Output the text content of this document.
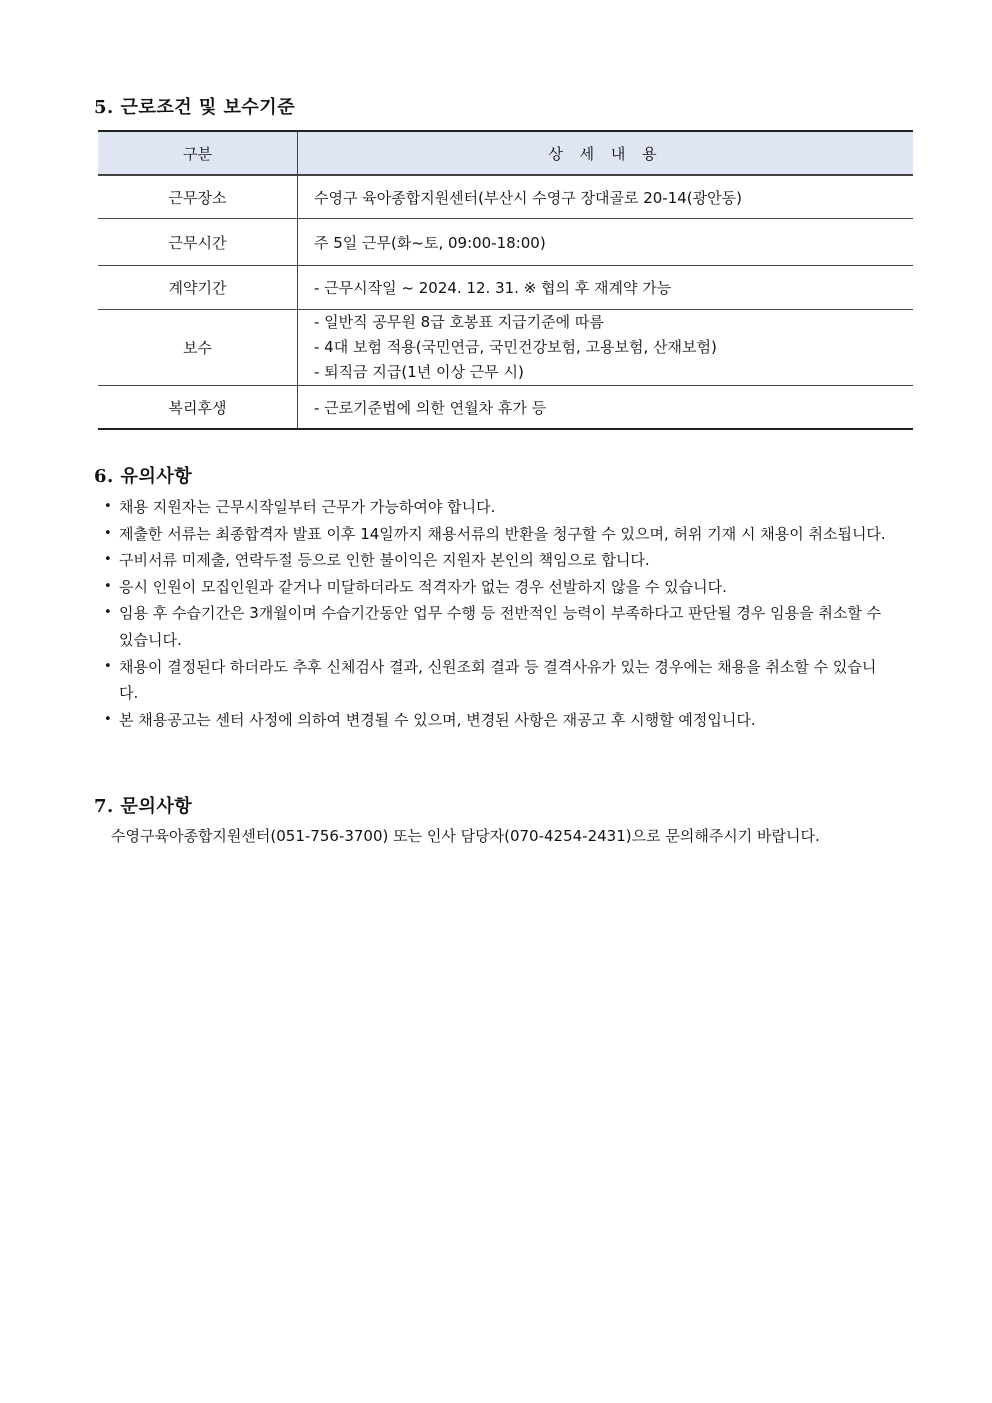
5. 근로조건 및 보수기준
구분	상 세 내 용
근무장소	수영구 육아종합지원센터(부산시 수영구 장대골로 20-14(광안동)
근무시간	주 5일 근무(화~토, 09:00-18:00)
계약기간	- 근무시작일 ~ 2024. 12. 31. ※ 협의 후 재계약 가능
보수	- 일반직 공무원 8급 호봉표 지급기준에 따름
- 4대 보험 적용(국민연금, 국민건강보험, 고용보험, 산재보험)
- 퇴직금 지급(1년 이상 근무 시)

복리후생	- 근로기준법에 의한 연월차 휴가 등
6. 유의사항
• 채용 지원자는 근무시작일부터 근무가 가능하여야 합니다.
• 제출한 서류는 최종합격자 발표 이후 14일까지 채용서류의 반환을 청구할 수 있으며, 허위 기재 시 채용이 취소됩니다.
• 구비서류 미제출, 연락두절 등으로 인한 불이익은 지원자 본인의 책임으로 합니다.
• 응시 인원이 모집인원과 같거나 미달하더라도 적격자가 없는 경우 선발하지 않을 수 있습니다.
• 임용 후 수습기간은 3개월이며 수습기간동안 업무 수행 등 전반적인 능력이 부족하다고 판단될 경우 임용을 취소할 수 있습니다.
• 채용이 결정된다 하더라도 추후 신체검사 결과, 신원조회 결과 등 결격사유가 있는 경우에는 채용을 취소할 수 있습니다.
• 본 채용공고는 센터 사정에 의하여 변경될 수 있으며, 변경된 사항은 재공고 후 시행할 예정입니다.
7. 문의사항

수영구육아종합지원센터(051-756-3700) 또는 인사 담당자(070-4254-2431)으로 문의해주시기 바랍니다.
